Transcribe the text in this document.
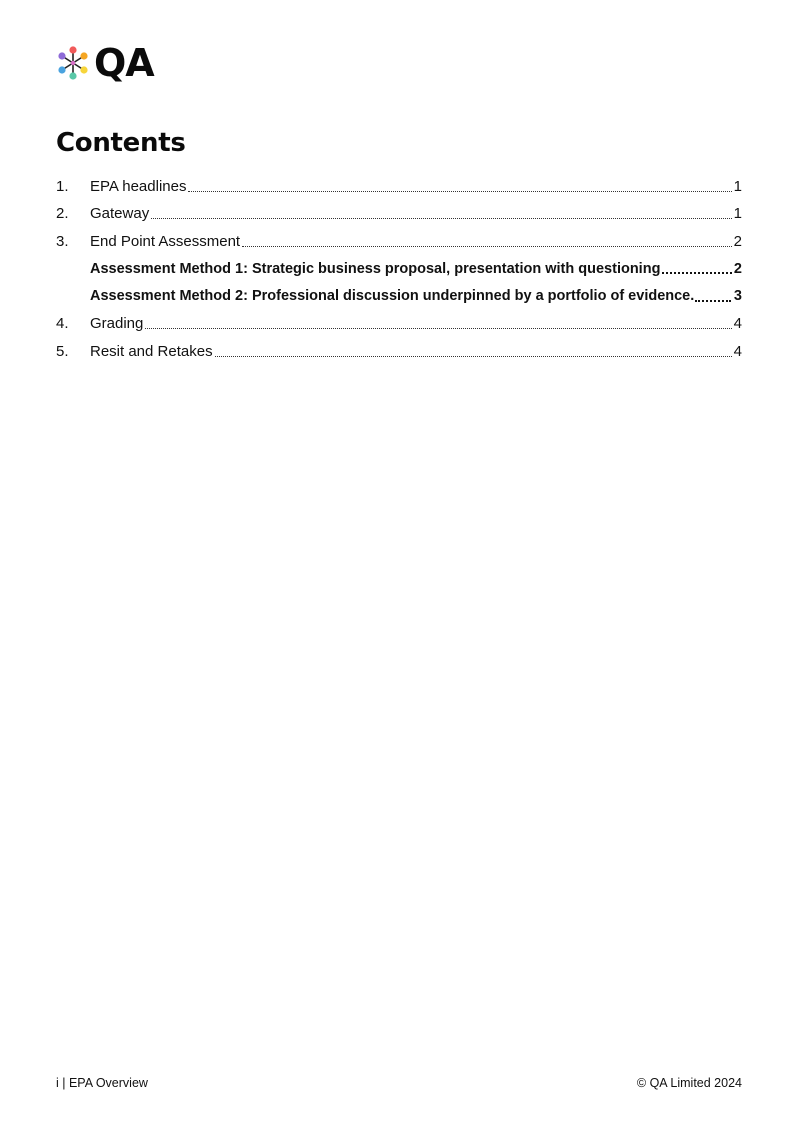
QA
Contents
1.	EPA headlines	1
2.	Gateway	1
3.	End Point Assessment	2
Assessment Method 1: Strategic business proposal, presentation with questioning	2
Assessment Method 2: Professional discussion underpinned by a portfolio of evidence.	3
4.	Grading	4
5.	Resit and Retakes	4
i | EPA Overview	© QA Limited 2024
